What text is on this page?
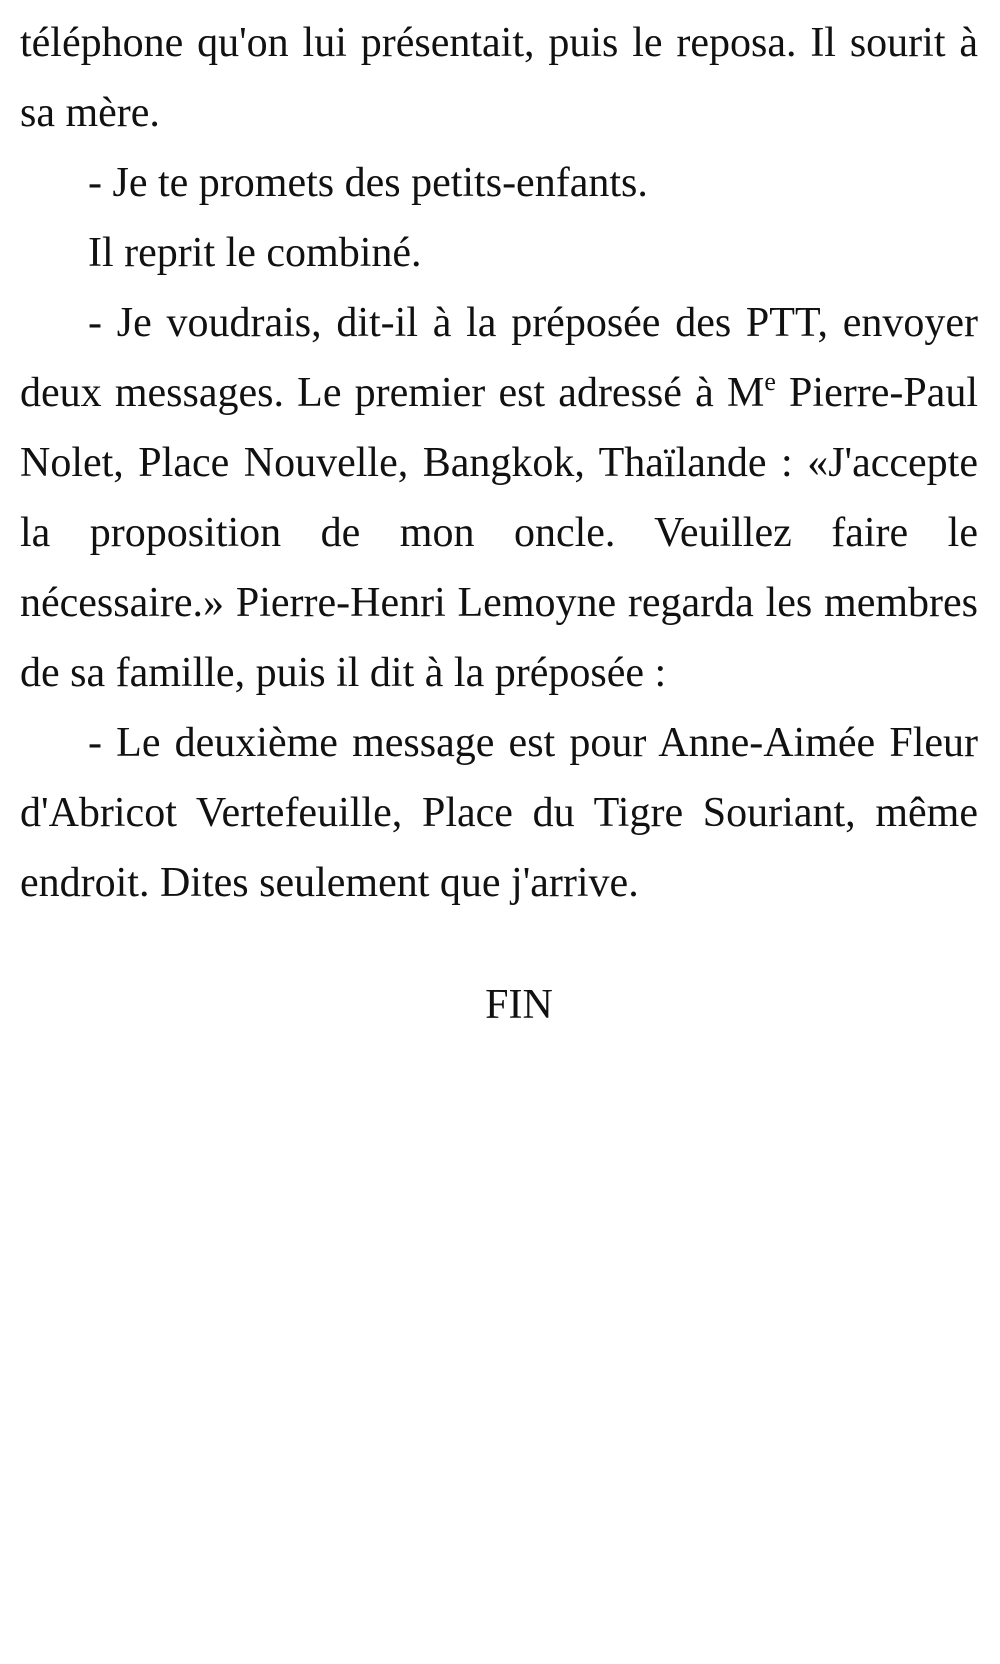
téléphone qu'on lui présentait, puis le reposa. Il sourit à sa mère.

- Je te promets des petits-enfants.

Il reprit le combiné.

- Je voudrais, dit-il à la préposée des PTT, envoyer deux messages. Le premier est adressé à Me Pierre-Paul Nolet, Place Nouvelle, Bangkok, Thaïlande : «J'accepte la proposition de mon oncle. Veuillez faire le nécessaire.» Pierre-Henri Lemoyne regarda les membres de sa famille, puis il dit à la préposée :

- Le deuxième message est pour Anne-Aimée Fleur d'Abricot Vertefeuille, Place du Tigre Souriant, même endroit. Dites seulement que j'arrive.

FIN
